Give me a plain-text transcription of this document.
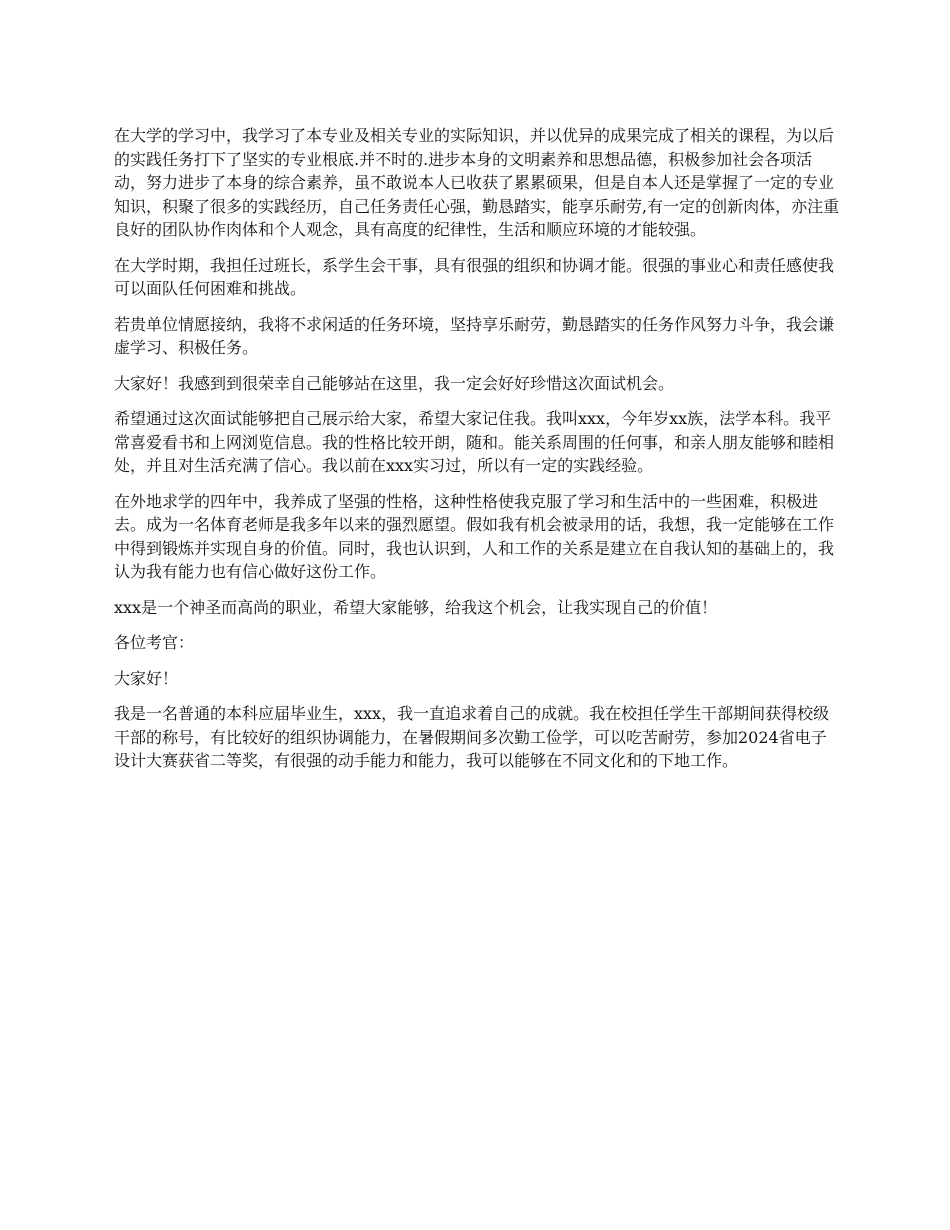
在大学的学习中，我学习了本专业及相关专业的实际知识，并以优异的成果完成了相关的课程，为以后的实践任务打下了坚实的专业根底.并不时的.进步本身的文明素养和思想品德，积极参加社会各项活动，努力进步了本身的综合素养，虽不敢说本人已收获了累累硕果，但是自本人还是掌握了一定的专业知识，积聚了很多的实践经历，自己任务责任心强，勤恳踏实，能享乐耐劳,有一定的创新肉体，亦注重良好的团队协作肉体和个人观念，具有高度的纪律性，生活和顺应环境的才能较强。

在大学时期，我担任过班长，系学生会干事，具有很强的组织和协调才能。很强的事业心和责任感使我可以面队任何困难和挑战。

若贵单位情愿接纳，我将不求闲适的任务环境，坚持享乐耐劳，勤恳踏实的任务作风努力斗争，我会谦虚学习、积极任务。

大家好！我感到到很荣幸自己能够站在这里，我一定会好好珍惜这次面试机会。

希望通过这次面试能够把自己展示给大家，希望大家记住我。我叫xxx，今年岁xx族，法学本科。我平常喜爱看书和上网浏览信息。我的性格比较开朗，随和。能关系周围的任何事，和亲人朋友能够和睦相处，并且对生活充满了信心。我以前在xxx实习过，所以有一定的实践经验。

在外地求学的四年中，我养成了坚强的性格，这种性格使我克服了学习和生活中的一些困难，积极进去。成为一名体育老师是我多年以来的强烈愿望。假如我有机会被录用的话，我想，我一定能够在工作中得到锻炼并实现自身的价值。同时，我也认识到，人和工作的关系是建立在自我认知的基础上的，我认为我有能力也有信心做好这份工作。

xxx是一个神圣而高尚的职业，希望大家能够，给我这个机会，让我实现自己的价值！

各位考官：

大家好！

我是一名普通的本科应届毕业生，xxx，我一直追求着自己的成就。我在校担任学生干部期间获得校级干部的称号，有比较好的组织协调能力，在暑假期间多次勤工俭学，可以吃苦耐劳，参加2024省电子设计大赛获省二等奖，有很强的动手能力和能力，我可以能够在不同文化和的下地工作。
